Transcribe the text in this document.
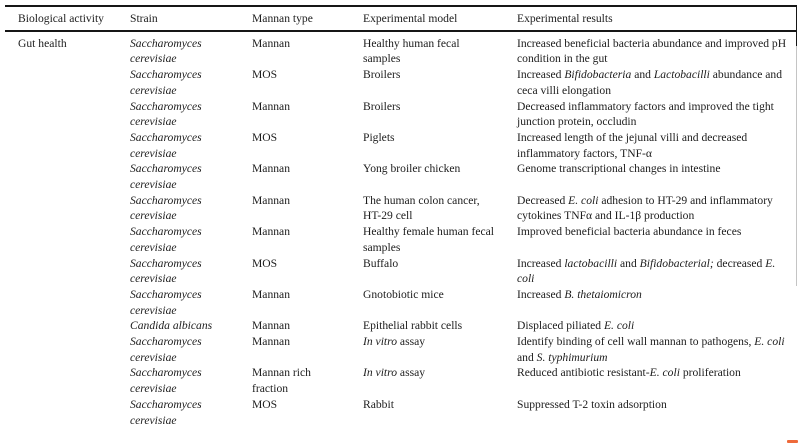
Biological activity	Strain	Mannan type	Experimental model	Experimental results
Gut health	Saccharomyces cerevisiae	Mannan	Healthy human fecal samples	Increased beneficial bacteria abundance and improved pH condition in the gut
	Saccharomyces cerevisiae	MOS	Broilers	Increased Bifidobacteria and Lactobacilli abundance and ceca villi elongation
	Saccharomyces cerevisiae	Mannan	Broilers	Decreased inflammatory factors and improved the tight junction protein, occludin
	Saccharomyces cerevisiae	MOS	Piglets	Increased length of the jejunal villi and decreased inflammatory factors, TNF-α
	Saccharomyces cerevisiae	Mannan	Yong broiler chicken	Genome transcriptional changes in intestine
	Saccharomyces cerevisiae	Mannan	The human colon cancer, HT-29 cell	Decreased E. coli adhesion to HT-29 and inflammatory cytokines TNFα and IL-1β production
	Saccharomyces cerevisiae	Mannan	Healthy female human fecal samples	Improved beneficial bacteria abundance in feces
	Saccharomyces cerevisiae	MOS	Buffalo	Increased lactobacilli and Bifidobacterial; decreased E. coli
	Saccharomyces cerevisiae	Mannan	Gnotobiotic mice	Increased B. thetaiomicron
	Candida albicans	Mannan	Epithelial rabbit cells	Displaced piliated E. coli
	Saccharomyces cerevisiae	Mannan	In vitro assay	Identify binding of cell wall mannan to pathogens, E. coli and S. typhimurium
	Saccharomyces cerevisiae	Mannan rich fraction	In vitro assay	Reduced antibiotic resistant-E. coli proliferation
	Saccharomyces cerevisiae	MOS	Rabbit	Suppressed T-2 toxin adsorption
